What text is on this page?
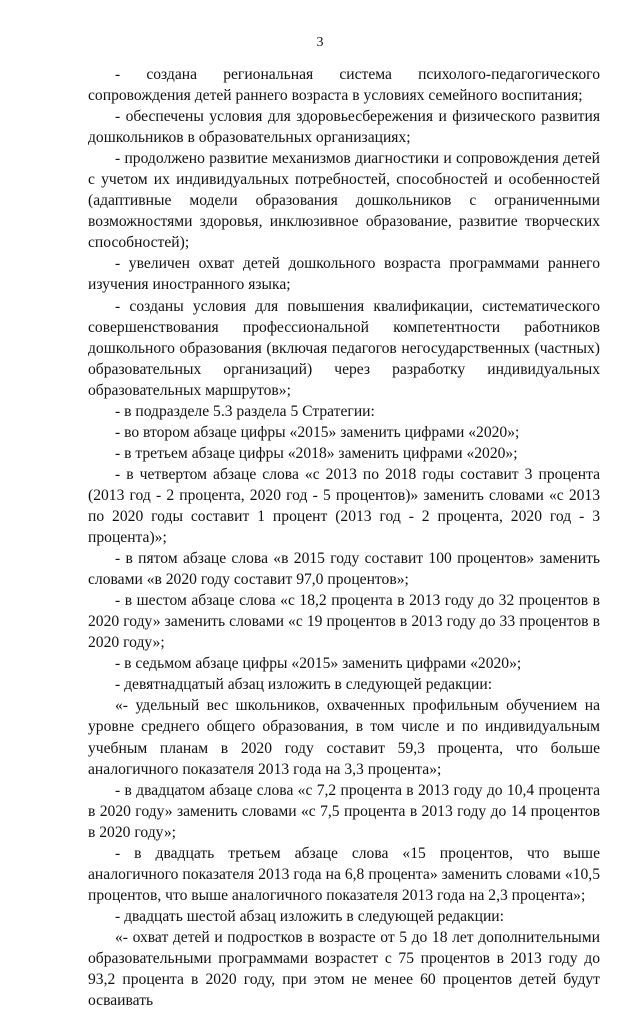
3

- создана региональная система психолого-педагогического сопровождения детей раннего возраста в условиях семейного воспитания;

- обеспечены условия для здоровьесбережения и физического развития дошкольников в образовательных организациях;

- продолжено развитие механизмов диагностики и сопровождения детей с учетом их индивидуальных потребностей, способностей и особенностей (адаптивные модели образования дошкольников с ограниченными возможностями здоровья, инклюзивное образование, развитие творческих способностей);

- увеличен охват детей дошкольного возраста программами раннего изучения иностранного языка;

- созданы условия для повышения квалификации, систематического совершенствования профессиональной компетентности работников дошкольного образования (включая педагогов негосударственных (частных) образовательных организаций) через разработку индивидуальных образовательных маршрутов»;

- в подразделе 5.3 раздела 5 Стратегии:

- во втором абзаце цифры «2015» заменить цифрами «2020»;

- в третьем абзаце цифры «2018» заменить цифрами «2020»;

- в четвертом абзаце слова «с 2013 по 2018 годы составит 3 процента (2013 год - 2 процента, 2020 год - 5 процентов)» заменить словами «с 2013 по 2020 годы составит 1 процент (2013 год - 2 процента, 2020 год - 3 процента)»;

- в пятом абзаце слова «в 2015 году составит 100 процентов» заменить словами «в 2020 году составит 97,0 процентов»;

- в шестом абзаце слова «с 18,2 процента в 2013 году до 32 процентов в 2020 году» заменить словами «с 19 процентов в 2013 году до 33 процентов в 2020 году»;

- в седьмом абзаце цифры «2015» заменить цифрами «2020»;

- девятнадцатый абзац изложить в следующей редакции:

«- удельный вес школьников, охваченных профильным обучением на уровне среднего общего образования, в том числе и по индивидуальным учебным планам в 2020 году составит 59,3 процента, что больше аналогичного показателя 2013 года на 3,3 процента»;

- в двадцатом абзаце слова «с 7,2 процента в 2013 году до 10,4 процента в 2020 году» заменить словами «с 7,5 процента в 2013 году до 14 процентов в 2020 году»;

- в двадцать третьем абзаце слова «15 процентов, что выше аналогичного показателя 2013 года на 6,8 процента» заменить словами «10,5 процентов, что выше аналогичного показателя 2013 года на 2,3 процента»;

- двадцать шестой абзац изложить в следующей редакции:

«- охват детей и подростков в возрасте от 5 до 18 лет дополнительными образовательными программами возрастет с 75 процентов в 2013 году до 93,2 процента в 2020 году, при этом не менее 60 процентов детей будут осваивать
